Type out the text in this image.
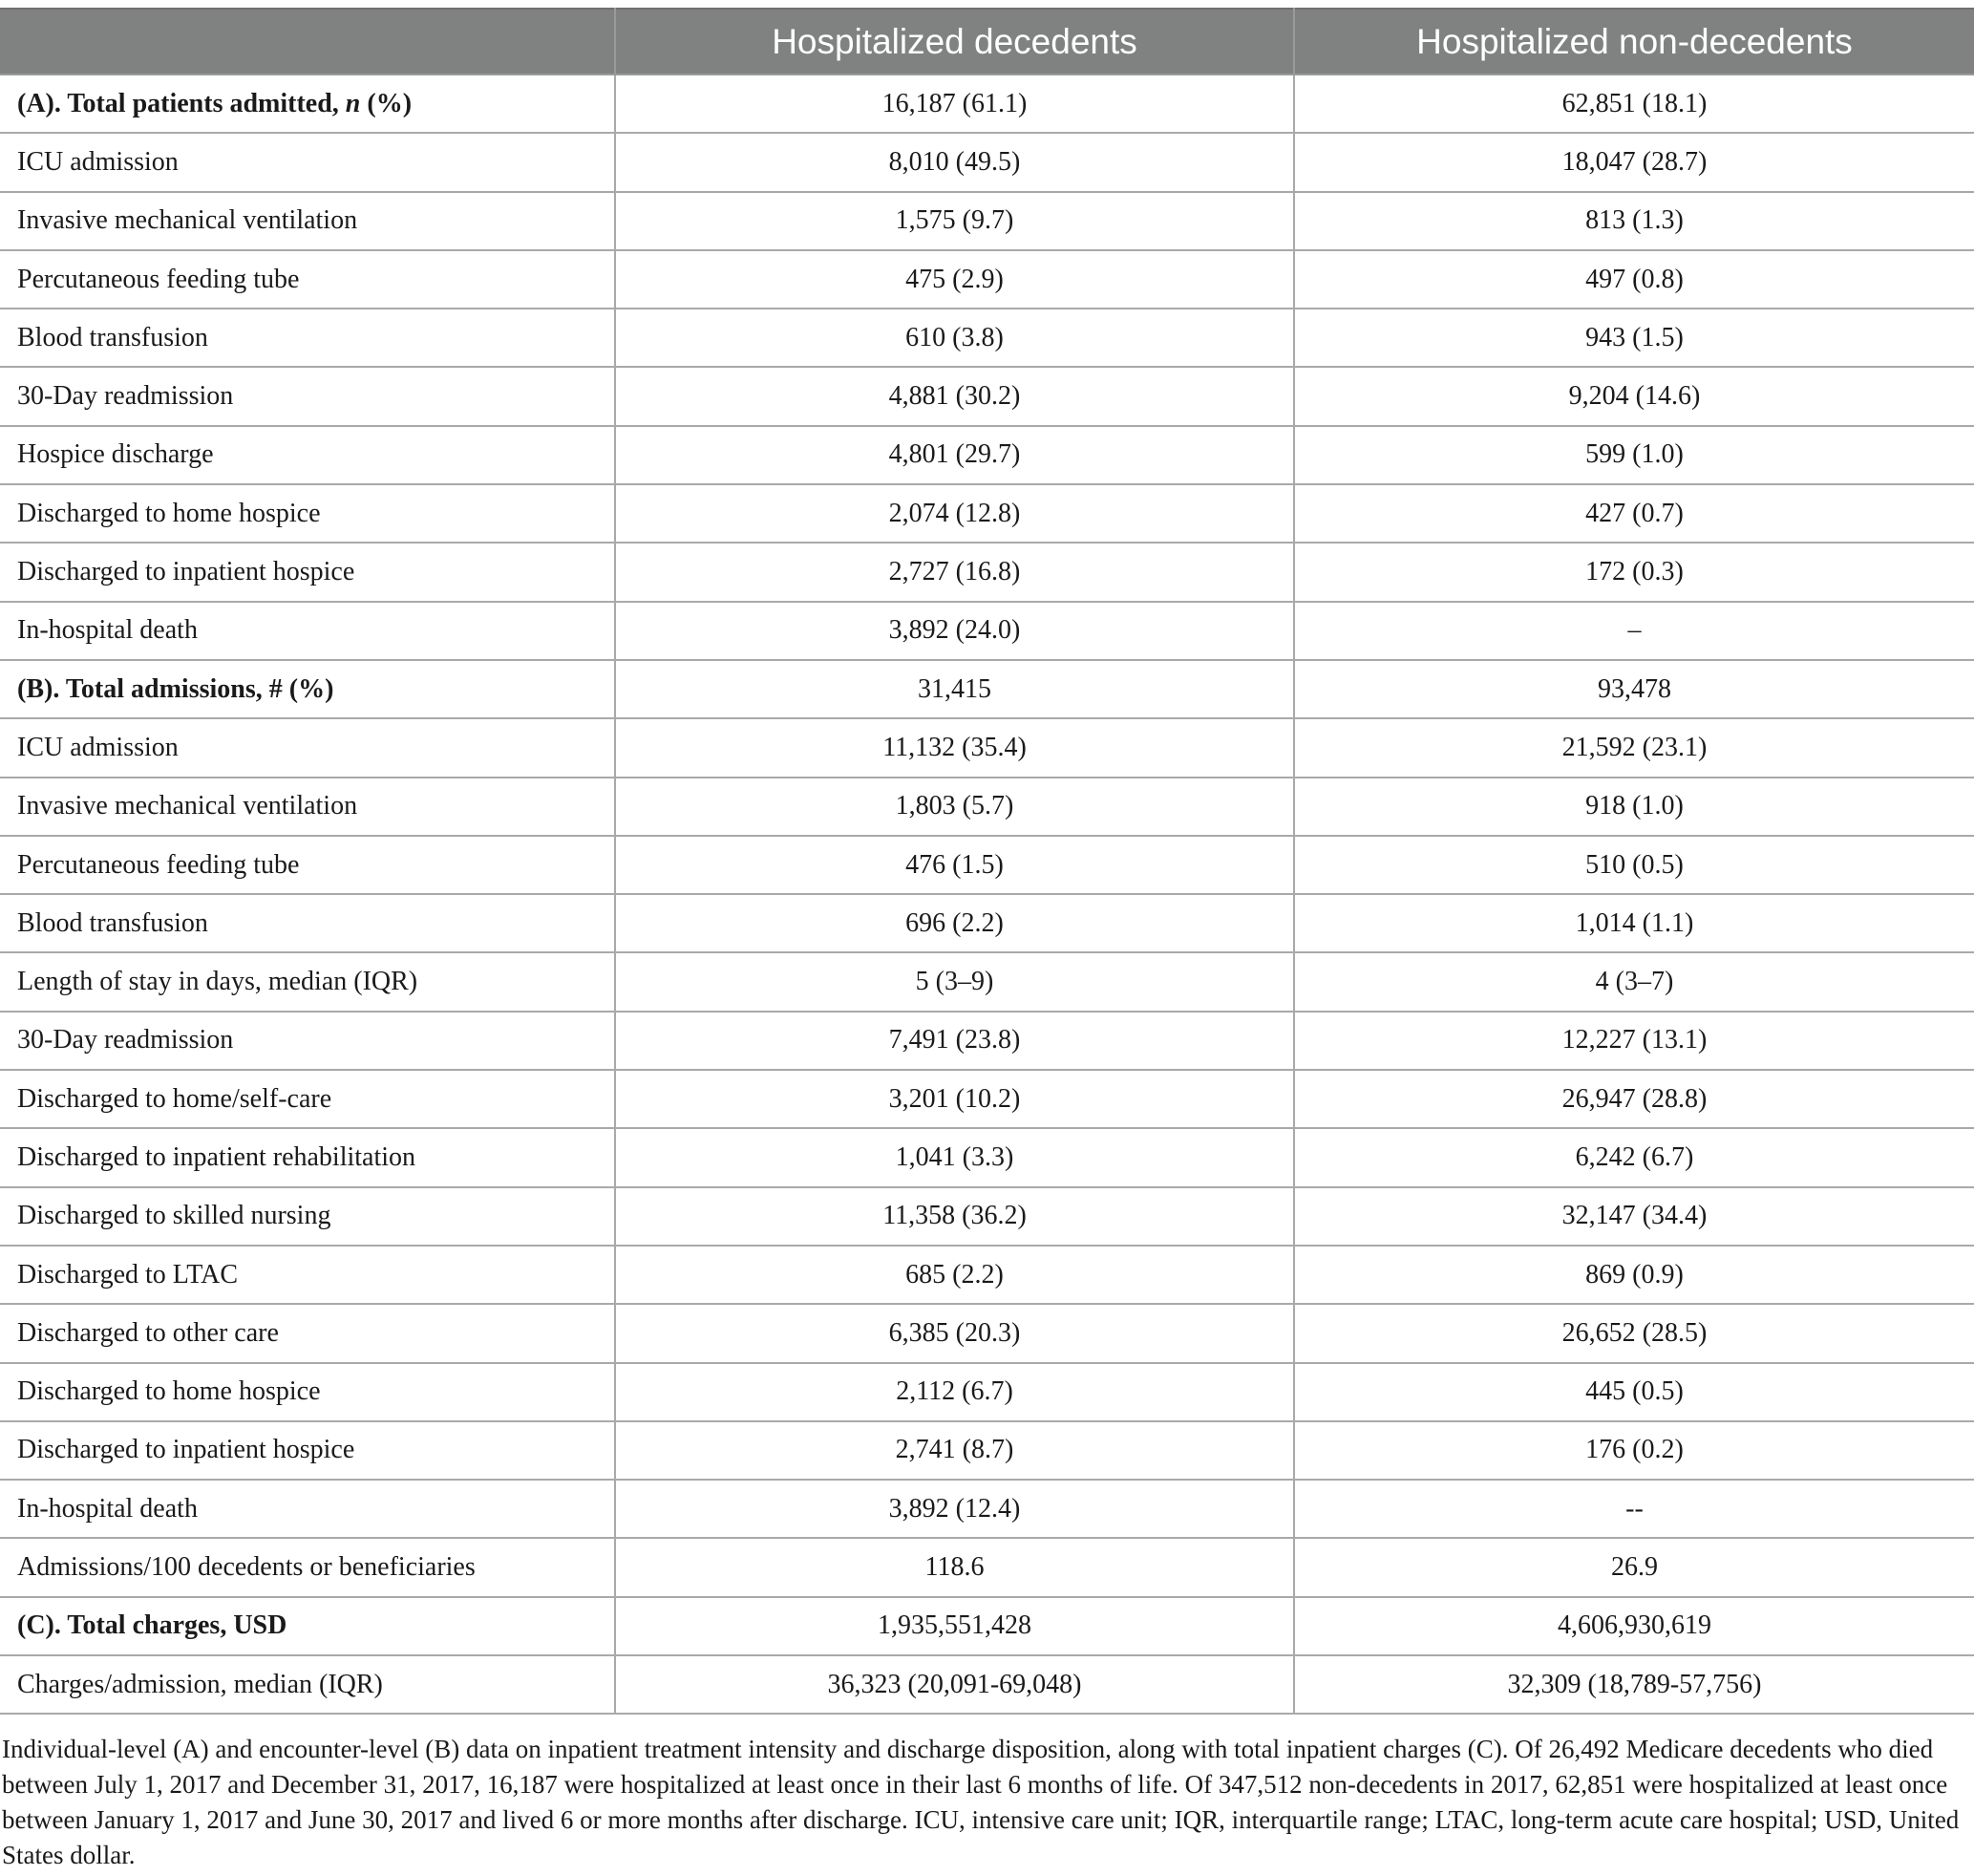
	Hospitalized decedents	Hospitalized non-decedents
(A). Total patients admitted, n (%)	16,187 (61.1)	62,851 (18.1)
ICU admission	8,010 (49.5)	18,047 (28.7)
Invasive mechanical ventilation	1,575 (9.7)	813 (1.3)
Percutaneous feeding tube	475 (2.9)	497 (0.8)
Blood transfusion	610 (3.8)	943 (1.5)
30-Day readmission	4,881 (30.2)	9,204 (14.6)
Hospice discharge	4,801 (29.7)	599 (1.0)
Discharged to home hospice	2,074 (12.8)	427 (0.7)
Discharged to inpatient hospice	2,727 (16.8)	172 (0.3)
In-hospital death	3,892 (24.0)	–
(B). Total admissions, # (%)	31,415	93,478
ICU admission	11,132 (35.4)	21,592 (23.1)
Invasive mechanical ventilation	1,803 (5.7)	918 (1.0)
Percutaneous feeding tube	476 (1.5)	510 (0.5)
Blood transfusion	696 (2.2)	1,014 (1.1)
Length of stay in days, median (IQR)	5 (3–9)	4 (3–7)
30-Day readmission	7,491 (23.8)	12,227 (13.1)
Discharged to home/self-care	3,201 (10.2)	26,947 (28.8)
Discharged to inpatient rehabilitation	1,041 (3.3)	6,242 (6.7)
Discharged to skilled nursing	11,358 (36.2)	32,147 (34.4)
Discharged to LTAC	685 (2.2)	869 (0.9)
Discharged to other care	6,385 (20.3)	26,652 (28.5)
Discharged to home hospice	2,112 (6.7)	445 (0.5)
Discharged to inpatient hospice	2,741 (8.7)	176 (0.2)
In-hospital death	3,892 (12.4)	--
Admissions/100 decedents or beneficiaries	118.6	26.9
(C). Total charges, USD	1,935,551,428	4,606,930,619
Charges/admission, median (IQR)	36,323 (20,091-69,048)	32,309 (18,789-57,756)
Individual-level (A) and encounter-level (B) data on inpatient treatment intensity and discharge disposition, along with total inpatient charges (C). Of 26,492 Medicare decedents who died between July 1, 2017 and December 31, 2017, 16,187 were hospitalized at least once in their last 6 months of life. Of 347,512 non-decedents in 2017, 62,851 were hospitalized at least once between January 1, 2017 and June 30, 2017 and lived 6 or more months after discharge. ICU, intensive care unit; IQR, interquartile range; LTAC, long-term acute care hospital; USD, United States dollar.
